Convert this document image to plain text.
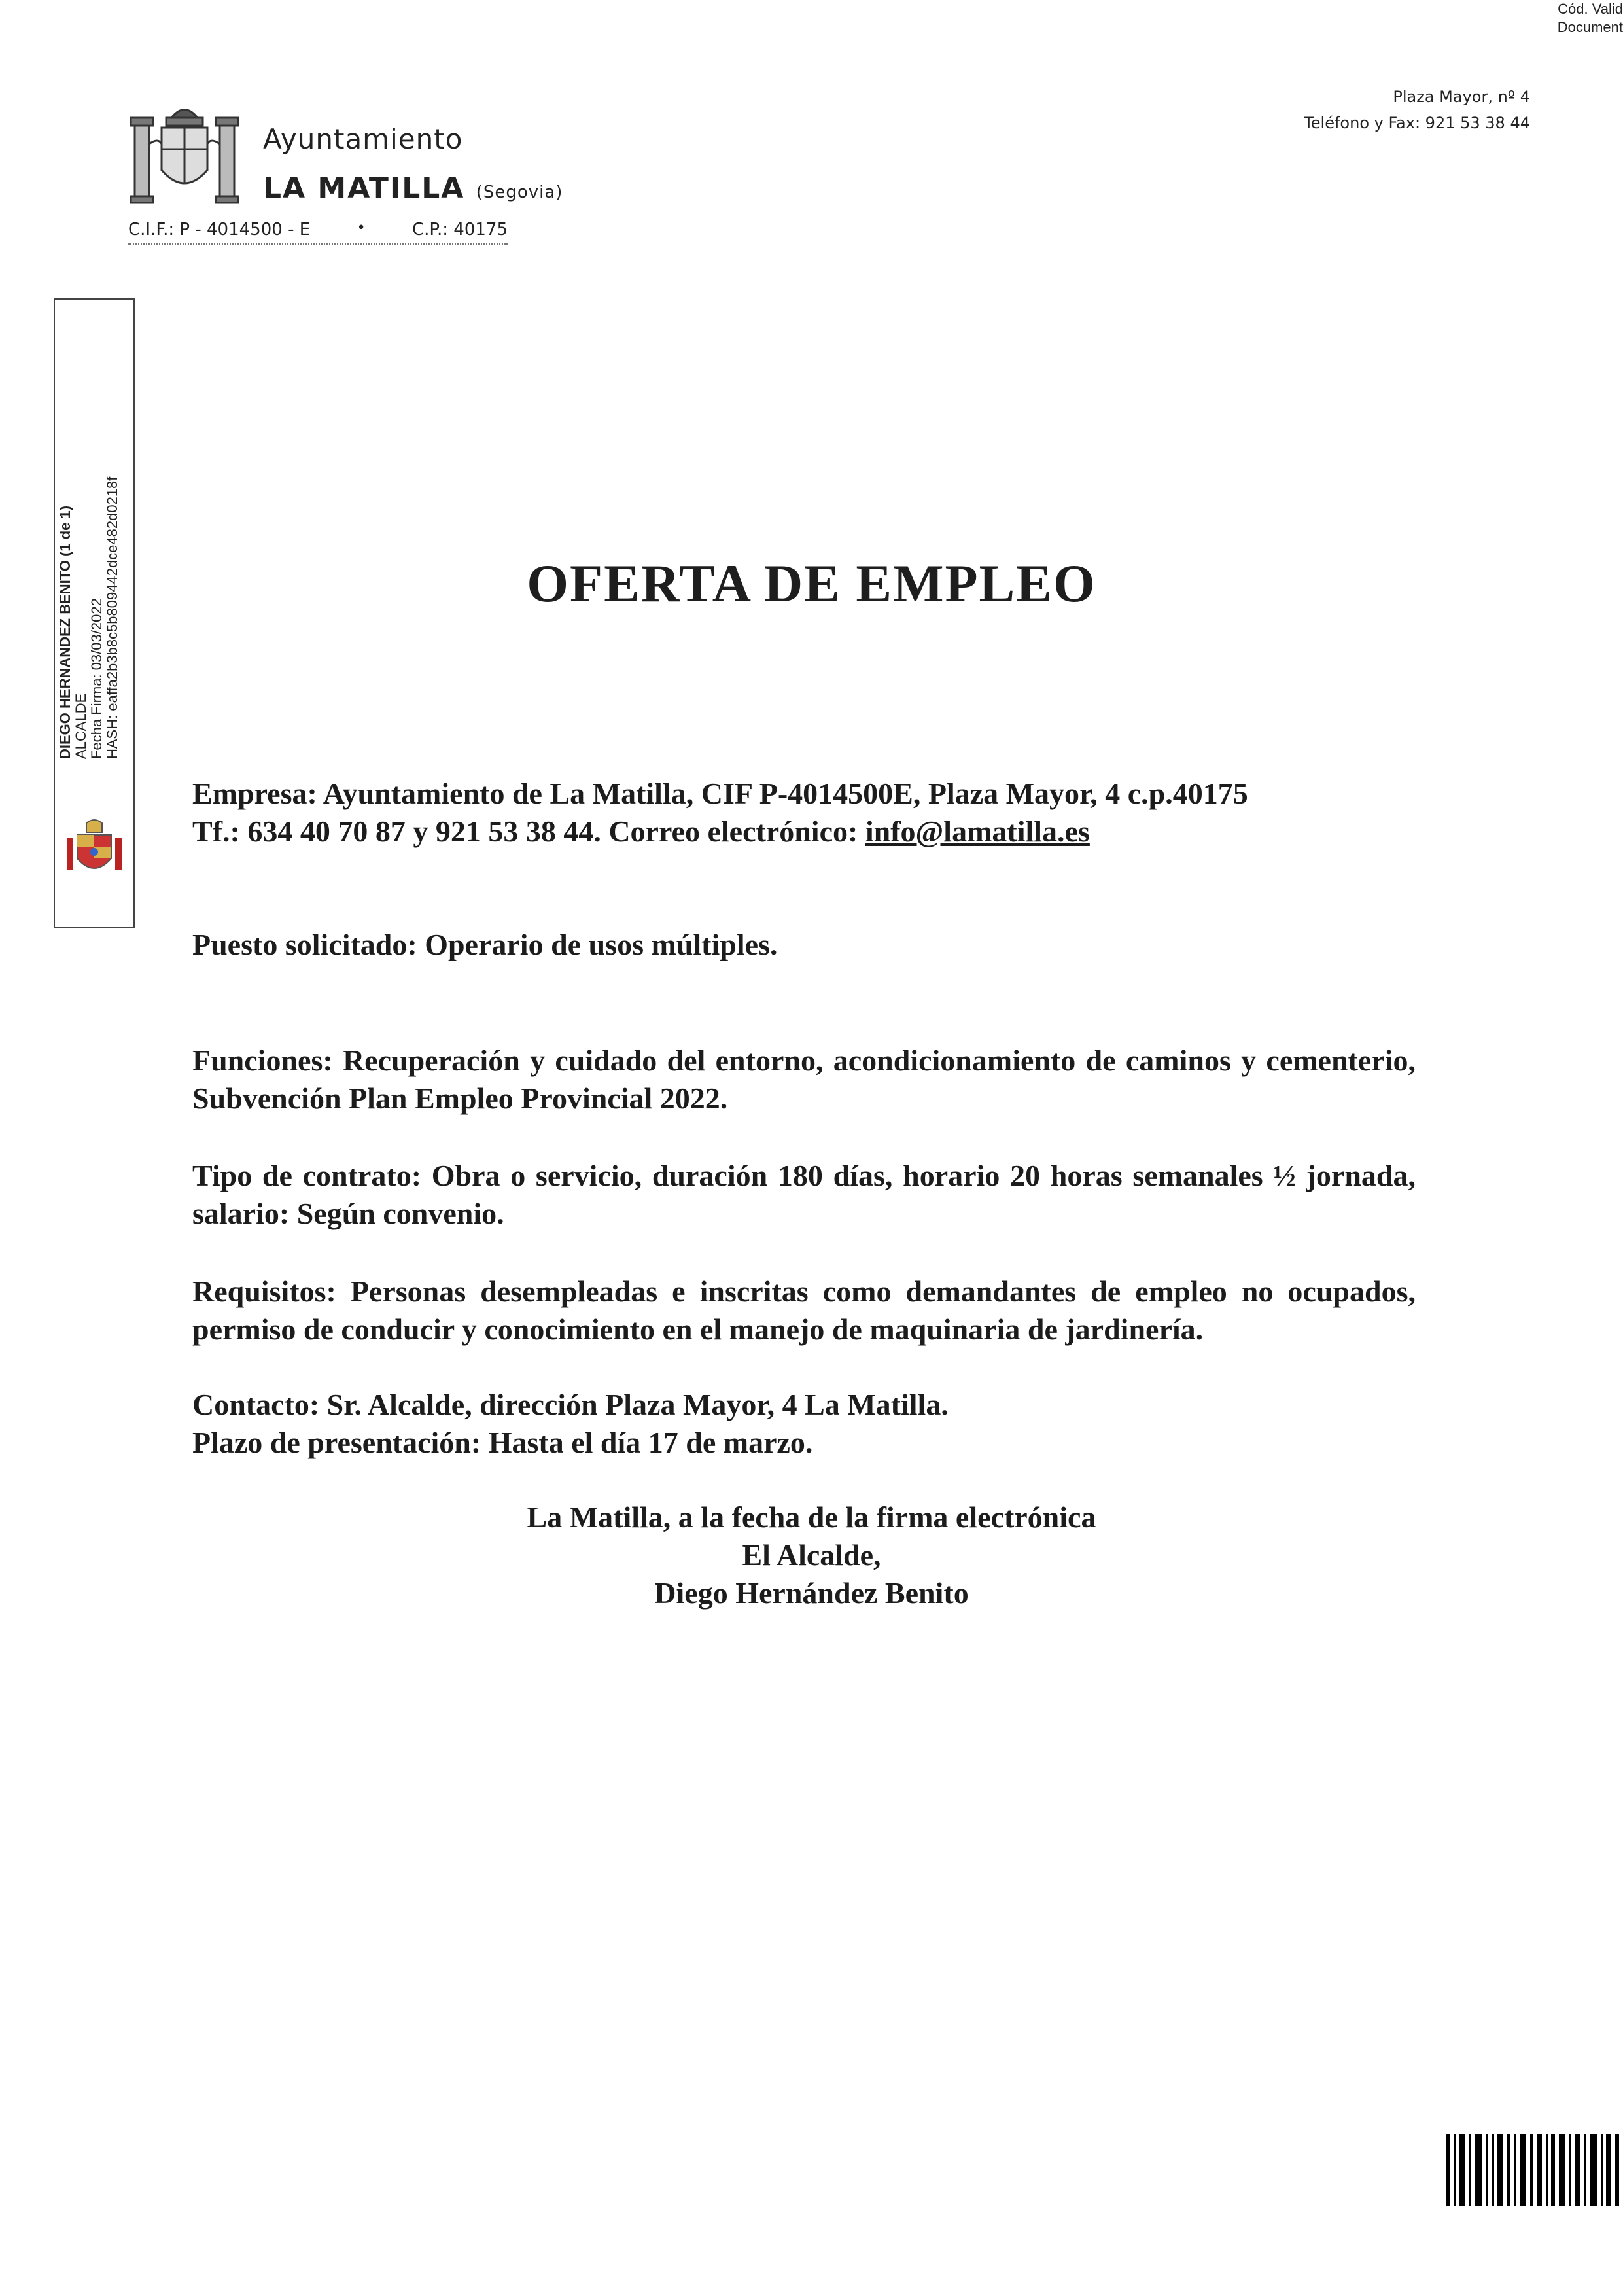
Cód. Valid
Document
Ayuntamiento
LA MATILLA (Segovia)
C.I.F.: P - 4014500 - E	•	C.P.: 40175
Plaza Mayor, nº 4
Teléfono y Fax: 921 53 38 44
DIEGO HERNANDEZ BENITO (1 de 1) ALCALDE Fecha Firma: 03/03/2022 HASH: eaffa2b3b8c5b809442dce482d0218f	OFERTA DE EMPLEO
Empresa: Ayuntamiento de La Matilla, CIF P-4014500E, Plaza Mayor, 4 c.p.40175
Tf.: 634 40 70 87 y 921 53 38 44. Correo electrónico: info@lamatilla.es
Puesto solicitado: Operario de usos múltiples.
Funciones: Recuperación y cuidado del entorno, acondicionamiento de caminos y cementerio, Subvención Plan Empleo Provincial 2022.
Tipo de contrato: Obra o servicio, duración 180 días, horario 20 horas semanales ½ jornada, salario: Según convenio.
Requisitos: Personas desempleadas e inscritas como demandantes de empleo no ocupados, permiso de conducir y conocimiento en el manejo de maquinaria de jardinería.
Contacto: Sr. Alcalde, dirección Plaza Mayor, 4 La Matilla.
Plazo de presentación: Hasta el día 17 de marzo.
La Matilla, a la fecha de la firma electrónica
El Alcalde,
Diego Hernández Benito
